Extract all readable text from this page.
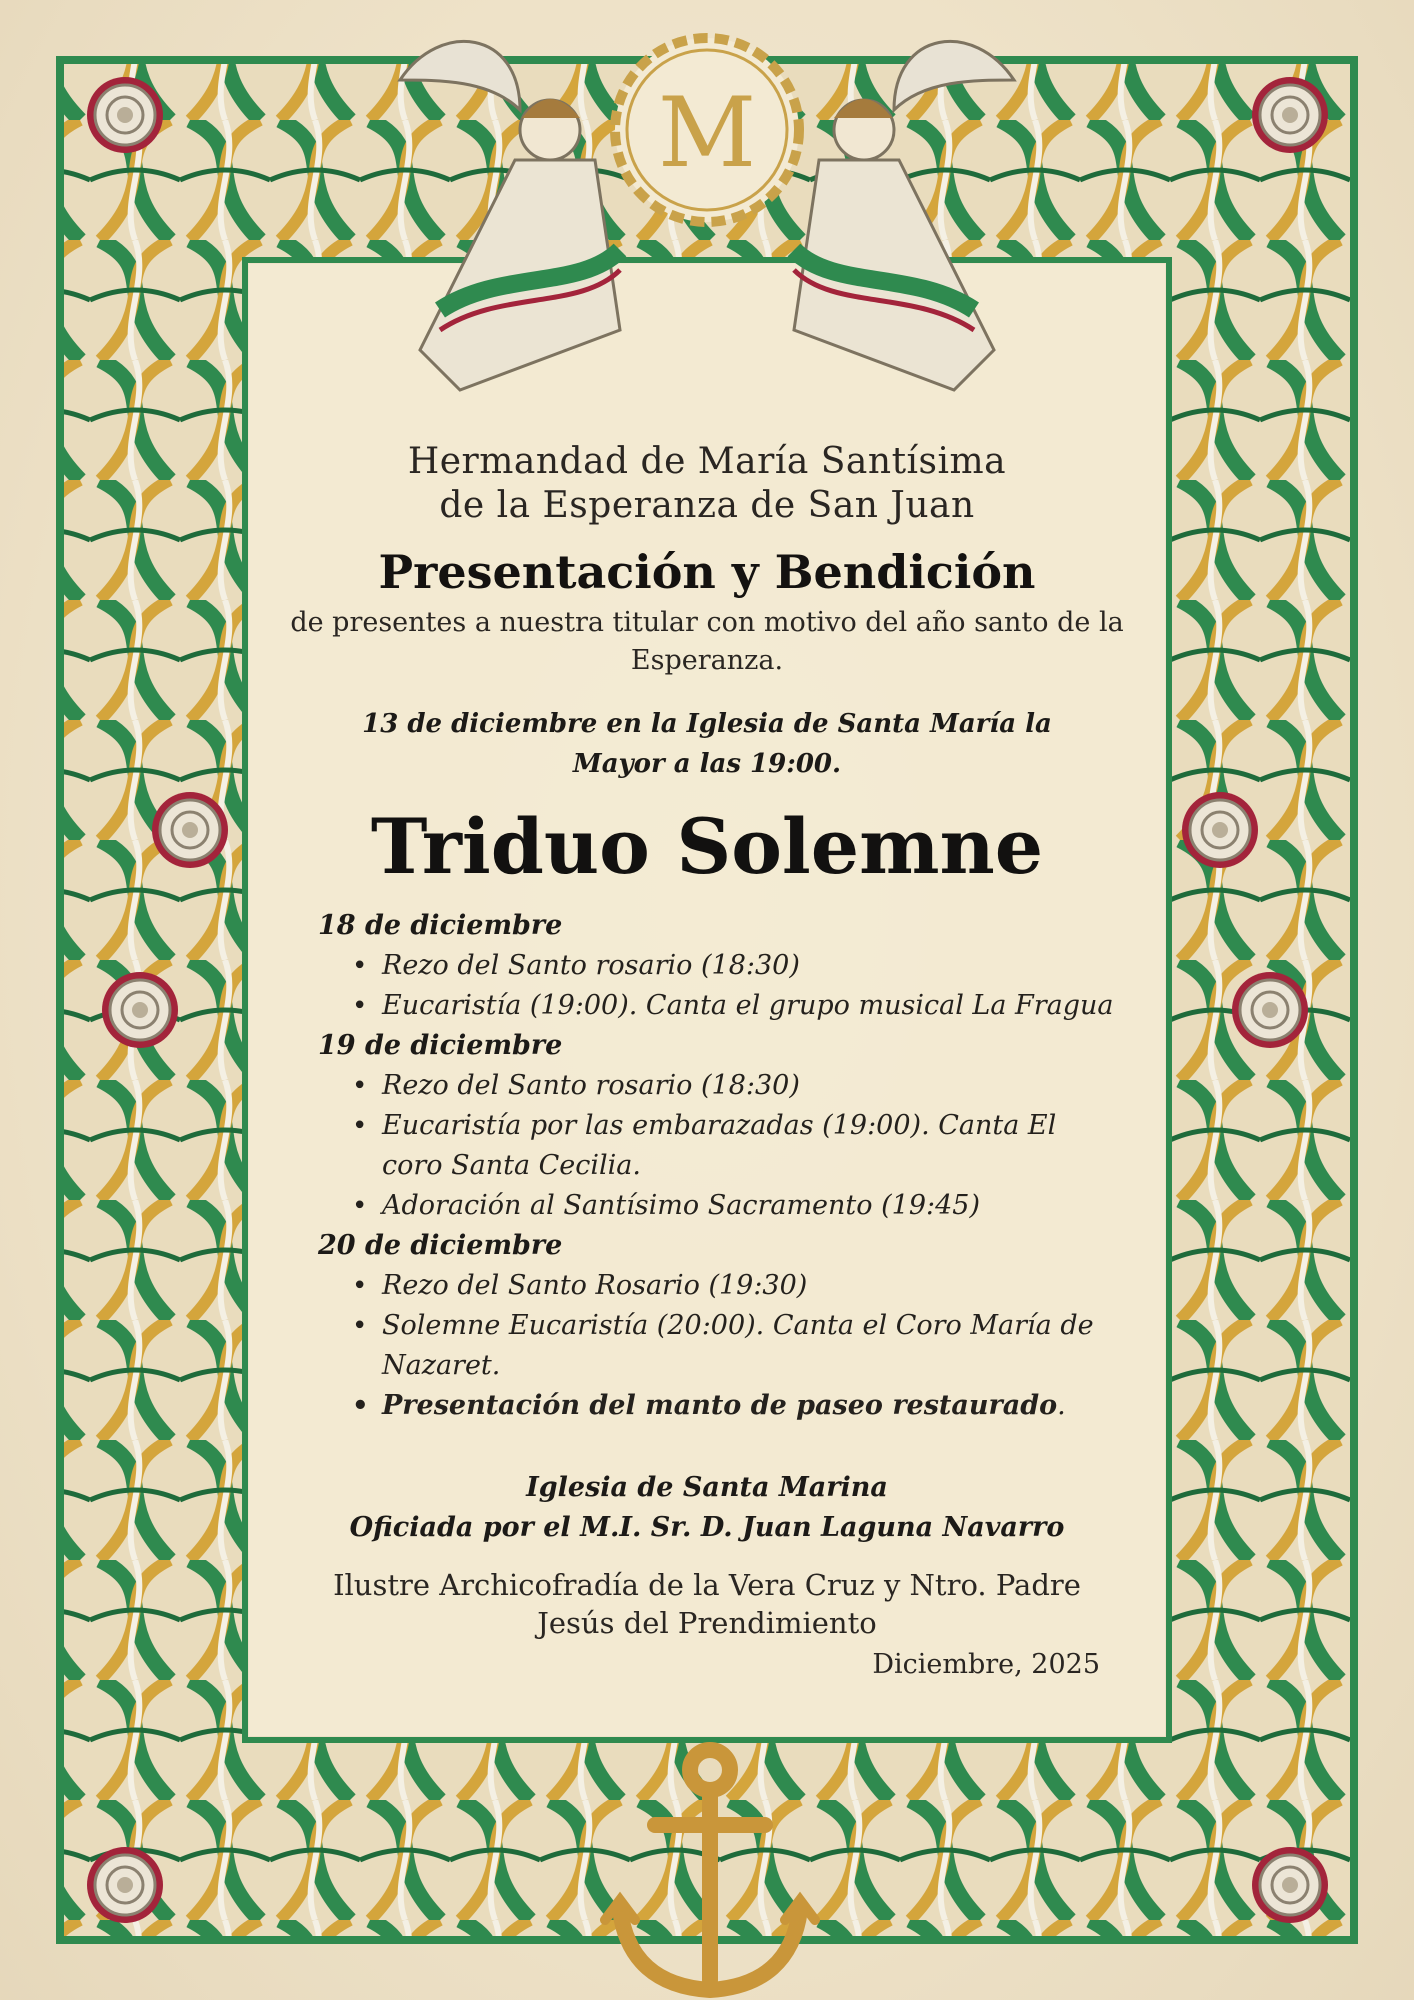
M
Hermandad de María Santísima
de la Esperanza de San Juan
Presentación y Bendición
de presentes a nuestra titular con motivo del año santo de la Esperanza.
13 de diciembre en la Iglesia de Santa María la Mayor a las 19:00.
Triduo Solemne
18 de diciembre
• Rezo del Santo rosario (18:30)
• Eucaristía (19:00). Canta el grupo musical La Fragua
19 de diciembre
• Rezo del Santo rosario (18:30)
• Eucaristía por las embarazadas (19:00). Canta El coro Santa Cecilia.
• Adoración al Santísimo Sacramento (19:45)
20 de diciembre
• Rezo del Santo Rosario (19:30)
• Solemne Eucaristía (20:00). Canta el Coro María de Nazaret.
• Presentación del manto de paseo restaurado.
Iglesia de Santa Marina
Oficiada por el M.I. Sr. D. Juan Laguna Navarro
Ilustre Archicofradía de la Vera Cruz y Ntro. Padre
Jesús del Prendimiento
Diciembre, 2025
